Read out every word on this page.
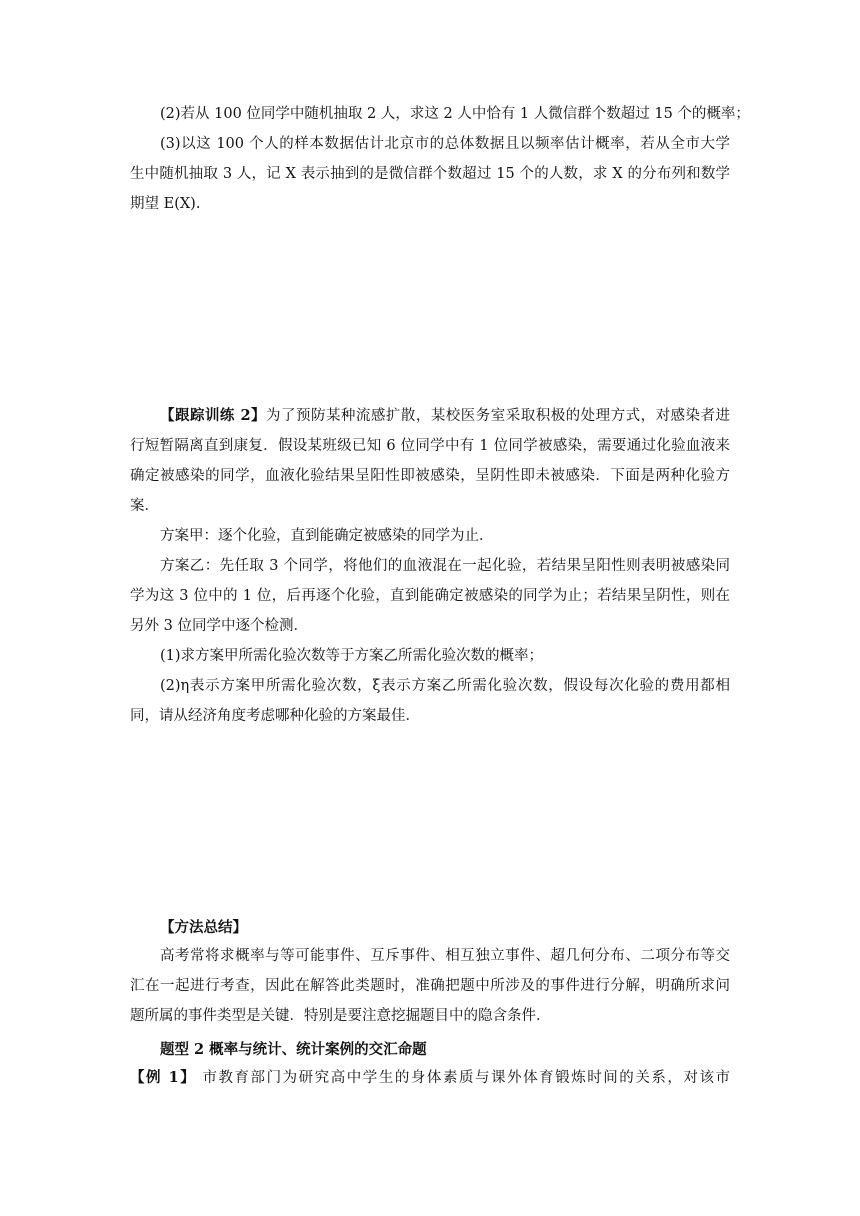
(2)若从 100 位同学中随机抽取 2 人，求这 2 人中恰有 1 人微信群个数超过 15 个的概率；
(3)以这 100 个人的样本数据估计北京市的总体数据且以频率估计概率，若从全市大学
生中随机抽取 3 人，记 X 表示抽到的是微信群个数超过 15 个的人数，求 X 的分布列和数学
期望 E(X).
【跟踪训练 2】为了预防某种流感扩散，某校医务室采取积极的处理方式，对感染者进
行短暂隔离直到康复．假设某班级已知 6 位同学中有 1 位同学被感染，需要通过化验血液来
确定被感染的同学，血液化验结果呈阳性即被感染，呈阴性即未被感染．下面是两种化验方
案．
方案甲：逐个化验，直到能确定被感染的同学为止．
方案乙：先任取 3 个同学，将他们的血液混在一起化验，若结果呈阳性则表明被感染同
学为这 3 位中的 1 位，后再逐个化验，直到能确定被感染的同学为止；若结果呈阴性，则在
另外 3 位同学中逐个检测．
(1)求方案甲所需化验次数等于方案乙所需化验次数的概率；
(2)η表示方案甲所需化验次数，ξ表示方案乙所需化验次数，假设每次化验的费用都相
同，请从经济角度考虑哪种化验的方案最佳．
【方法总结】
高考常将求概率与等可能事件、互斥事件、相互独立事件、超几何分布、二项分布等交
汇在一起进行考查，因此在解答此类题时，准确把题中所涉及的事件进行分解，明确所求问
题所属的事件类型是关键．特别是要注意挖掘题目中的隐含条件．
题型 2 概率与统计、统计案例的交汇命题
【例 1】 市教育部门为研究高中学生的身体素质与课外体育锻炼时间的关系，对该市
